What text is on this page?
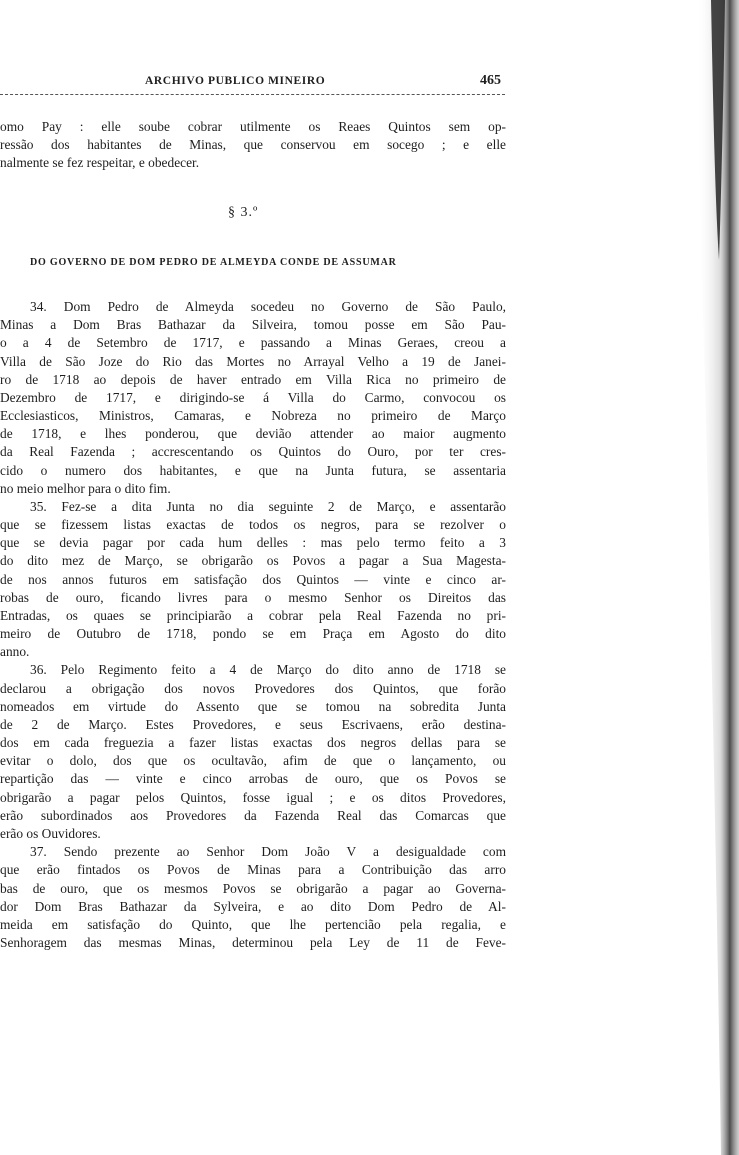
ARCHIVO PUBLICO MINEIRO	465
omo Pay : elle soube cobrar utilmente os Reaes Quintos sem op-
ressão dos habitantes de Minas, que conservou em socego ; e elle
nalmente se fez respeitar, e obedecer.
§ 3.º
DO GOVERNO DE DOM PEDRO DE ALMEYDA CONDE DE ASSUMAR
34. Dom Pedro de Almeyda socedeu no Governo de São Paulo,
Minas a Dom Bras Bathazar da Silveira, tomou posse em São Pau-
o a 4 de Setembro de 1717, e passando a Minas Geraes, creou a
Villa de São Joze do Rio das Mortes no Arrayal Velho a 19 de Janei-
ro de 1718 ao depois de haver entrado em Villa Rica no primeiro de
Dezembro de 1717, e dirigindo-se á Villa do Carmo, convocou os
Ecclesiasticos, Ministros, Camaras, e Nobreza no primeiro de Março
de 1718, e lhes ponderou, que devião attender ao maior augmento
da Real Fazenda ; accrescentando os Quintos do Ouro, por ter cres-
cido o numero dos habitantes, e que na Junta futura, se assentaria
no meio melhor para o dito fim.
35. Fez-se a dita Junta no dia seguinte 2 de Março, e assentarão
que se fizessem listas exactas de todos os negros, para se rezolver o
que se devia pagar por cada hum delles : mas pelo termo feito a 3
do dito mez de Março, se obrigarão os Povos a pagar a Sua Magesta-
de nos annos futuros em satisfação dos Quintos — vinte e cinco ar-
robas de ouro, ficando livres para o mesmo Senhor os Direitos das
Entradas, os quaes se principiarão a cobrar pela Real Fazenda no pri-
meiro de Outubro de 1718, pondo se em Praça em Agosto do dito
anno.
36. Pelo Regimento feito a 4 de Março do dito anno de 1718 se
declarou a obrigação dos novos Provedores dos Quintos, que forão
nomeados em virtude do Assento que se tomou na sobredita Junta
de 2 de Março. Estes Provedores, e seus Escrivaens, erão destina-
dos em cada freguezia a fazer listas exactas dos negros dellas para se
evitar o dolo, dos que os ocultavão, afim de que o lançamento, ou
repartição das — vinte e cinco arrobas de ouro, que os Povos se
obrigarão a pagar pelos Quintos, fosse igual ; e os ditos Provedores,
erão subordinados aos Provedores da Fazenda Real das Comarcas que
erão os Ouvidores.
37. Sendo prezente ao Senhor Dom João V a desigualdade com
que erão fintados os Povos de Minas para a Contribuição das arro
bas de ouro, que os mesmos Povos se obrigarão a pagar ao Governa-
dor Dom Bras Bathazar da Sylveira, e ao dito Dom Pedro de Al-
meida em satisfação do Quinto, que lhe pertencião pela regalia, e
Senhoragem das mesmas Minas, determinou pela Ley de 11 de Feve-
